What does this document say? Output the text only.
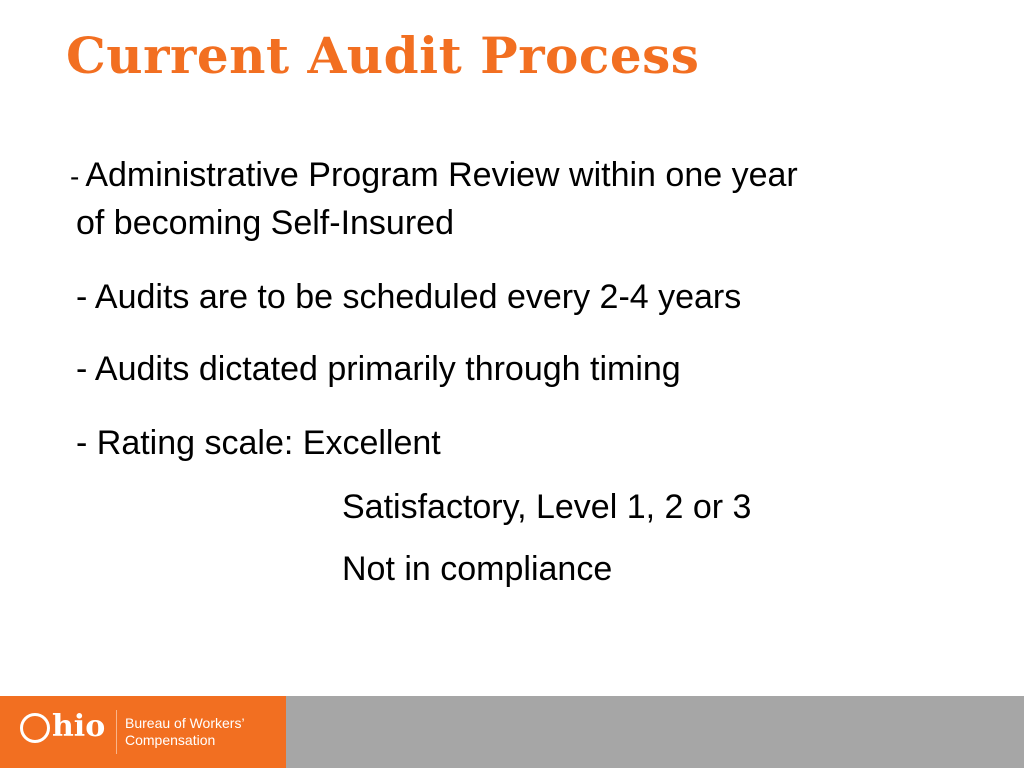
Current Audit Process
- Administrative Program Review within one year
of becoming Self-Insured
- Audits are to be scheduled every 2-4 years
- Audits dictated primarily through timing
- Rating scale: Excellent
Satisfactory, Level 1, 2 or 3
Not in compliance
hio Bureau of Workers’
Compensation
